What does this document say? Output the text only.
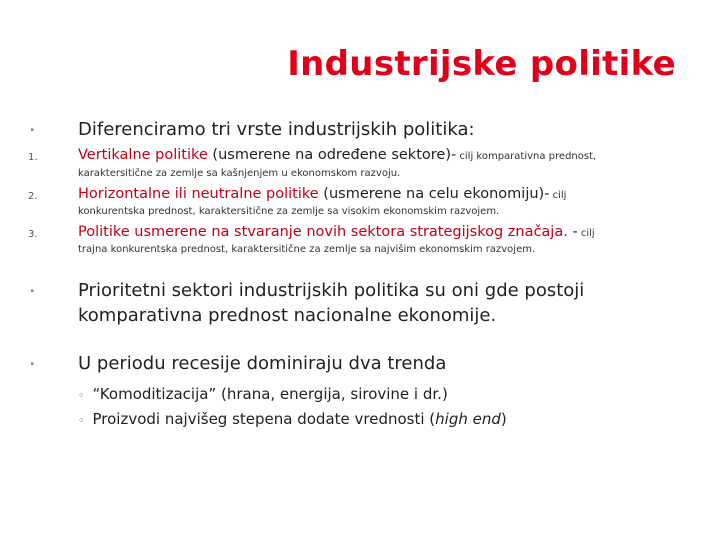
Industrijske politike
⁍ Diferenciramo tri vrste industrijskih politika:
1.	Vertikalne politike (usmerene na određene sektore)- cilj komparativna prednost,
karaktersitične za zemlje sa kašnjenjem u ekonomskom razvoju.
2.	Horizontalne ili neutralne politike (usmerene na celu ekonomiju)- cilj
konkurentska prednost, karaktersitične za zemlje sa visokim ekonomskim razvojem.
3.	Politike usmerene na stvaranje novih sektora strategijskog značaja. - cilj
trajna konkurentska prednost, karaktersitične za zemlje sa najvišim ekonomskim razvojem.
⁍ Prioritetni sektori industrijskih politika su oni gde postoji
komparativna prednost nacionalne ekonomije.
⁍ U periodu recesije dominiraju dva trenda
◦ “Komoditizacija” (hrana, energija, sirovine i dr.)
◦ Proizvodi najvišeg stepena dodate vrednosti (high end)
